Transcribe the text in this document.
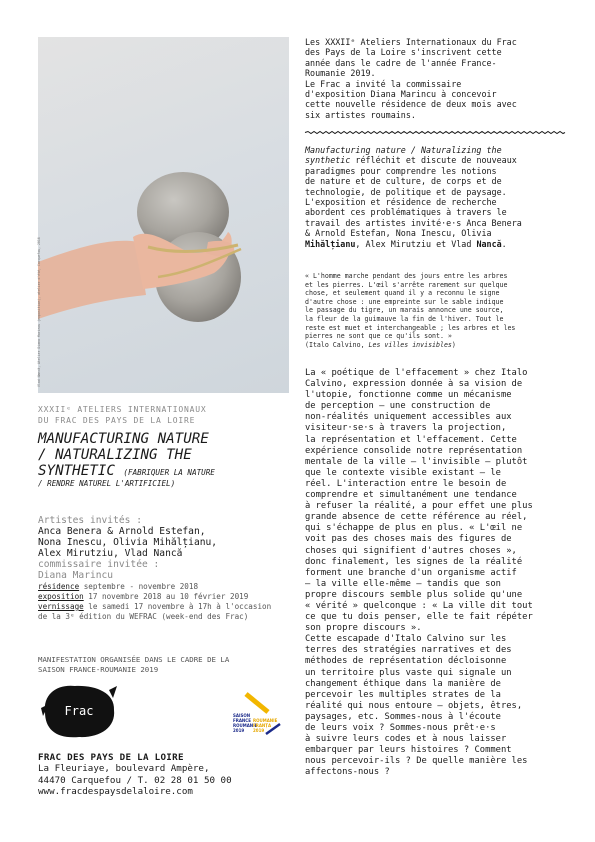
Vlad Nancă, Atelier Diana Marincu (exposition), atelier d'été, Carquefou, 2018
XXXIIᵉ ATELIERS INTERNATIONAUX
DU FRAC DES PAYS DE LA LOIRE
MANUFACTURING NATURE
/ NATURALIZING THE
SYNTHETIC (FABRIQUER LA NATURE
/ RENDRE NATUREL L'ARTIFICIEL)
Artistes invités :
Anca Benera & Arnold Estefan,
Nona Inescu, Olivia Mihălțianu,
Alex Mirutziu, Vlad Nancă
commissaire invitée :
Diana Marincu
résidence septembre - novembre 2018
exposition 17 novembre 2018 au 10 février 2019
vernissage le samedi 17 novembre à 17h à l'occasion
de la 3ᵉ édition du WEFRAC (week-end des Frac)
MANIFESTATION ORGANISÉE DANS LE CADRE DE LA
SAISON FRANCE-ROUMANIE 2019
Frac	SAISON
FRANCE
ROUMANIE
2019
ROUMANIE
FRANȚA
2019
FRAC DES PAYS DE LA LOIRE
La Fleuriaye, boulevard Ampère,
44470 Carquefou / T. 02 28 01 50 00
www.fracdespaysdelaloire.com
Les XXXIIᵉ Ateliers Internationaux du Frac
des Pays de la Loire s'inscrivent cette
année dans le cadre de l'année France-
Roumanie 2019.
Le Frac a invité la commissaire
d'exposition Diana Marincu à concevoir
cette nouvelle résidence de deux mois avec
six artistes roumains.
Manufacturing nature / Naturalizing the
synthetic réfléchit et discute de nouveaux
paradigmes pour comprendre les notions
de nature et de culture, de corps et de
technologie, de politique et de paysage.
L'exposition et résidence de recherche
abordent ces problématiques à travers le
travail des artistes invité·e·s Anca Benera
& Arnold Estefan, Nona Inescu, Olivia
Mihălțianu, Alex Mirutziu et Vlad Nancă.
« L'homme marche pendant des jours entre les arbres
et les pierres. L'œil s'arrête rarement sur quelque
chose, et seulement quand il y a reconnu le signe
d'autre chose : une empreinte sur le sable indique
le passage du tigre, un marais annonce une source,
la fleur de la guimauve la fin de l'hiver. Tout le
reste est muet et interchangeable ; les arbres et les
pierres ne sont que ce qu'ils sont. »
(Italo Calvino, Les villes invisibles)
La « poétique de l'effacement » chez Italo
Calvino, expression donnée à sa vision de
l'utopie, fonctionne comme un mécanisme
de perception — une construction de
non-réalités uniquement accessibles aux
visiteur·se·s à travers la projection,
la représentation et l'effacement. Cette
expérience consolide notre représentation
mentale de la ville — l'invisible — plutôt
que le contexte visible existant — le
réel. L'interaction entre le besoin de
comprendre et simultanément une tendance
à refuser la réalité, a pour effet une plus
grande absence de cette référence au réel,
qui s'échappe de plus en plus. « L'œil ne
voit pas des choses mais des figures de
choses qui signifient d'autres choses »,
donc finalement, les signes de la réalité
forment une branche d'un organisme actif
— la ville elle-même — tandis que son
propre discours semble plus solide qu'une
« vérité » quelconque : « La ville dit tout
ce que tu dois penser, elle te fait répéter
son propre discours ».
Cette escapade d'Italo Calvino sur les
terres des stratégies narratives et des
méthodes de représentation décloisonne
un territoire plus vaste qui signale un
changement éthique dans la manière de
percevoir les multiples strates de la
réalité qui nous entoure — objets, êtres,
paysages, etc. Sommes-nous à l'écoute
de leurs voix ? Sommes-nous prêt·e·s
à suivre leurs codes et à nous laisser
embarquer par leurs histoires ? Comment
nous percevoir-ils ? De quelle manière les
affectons-nous ?
